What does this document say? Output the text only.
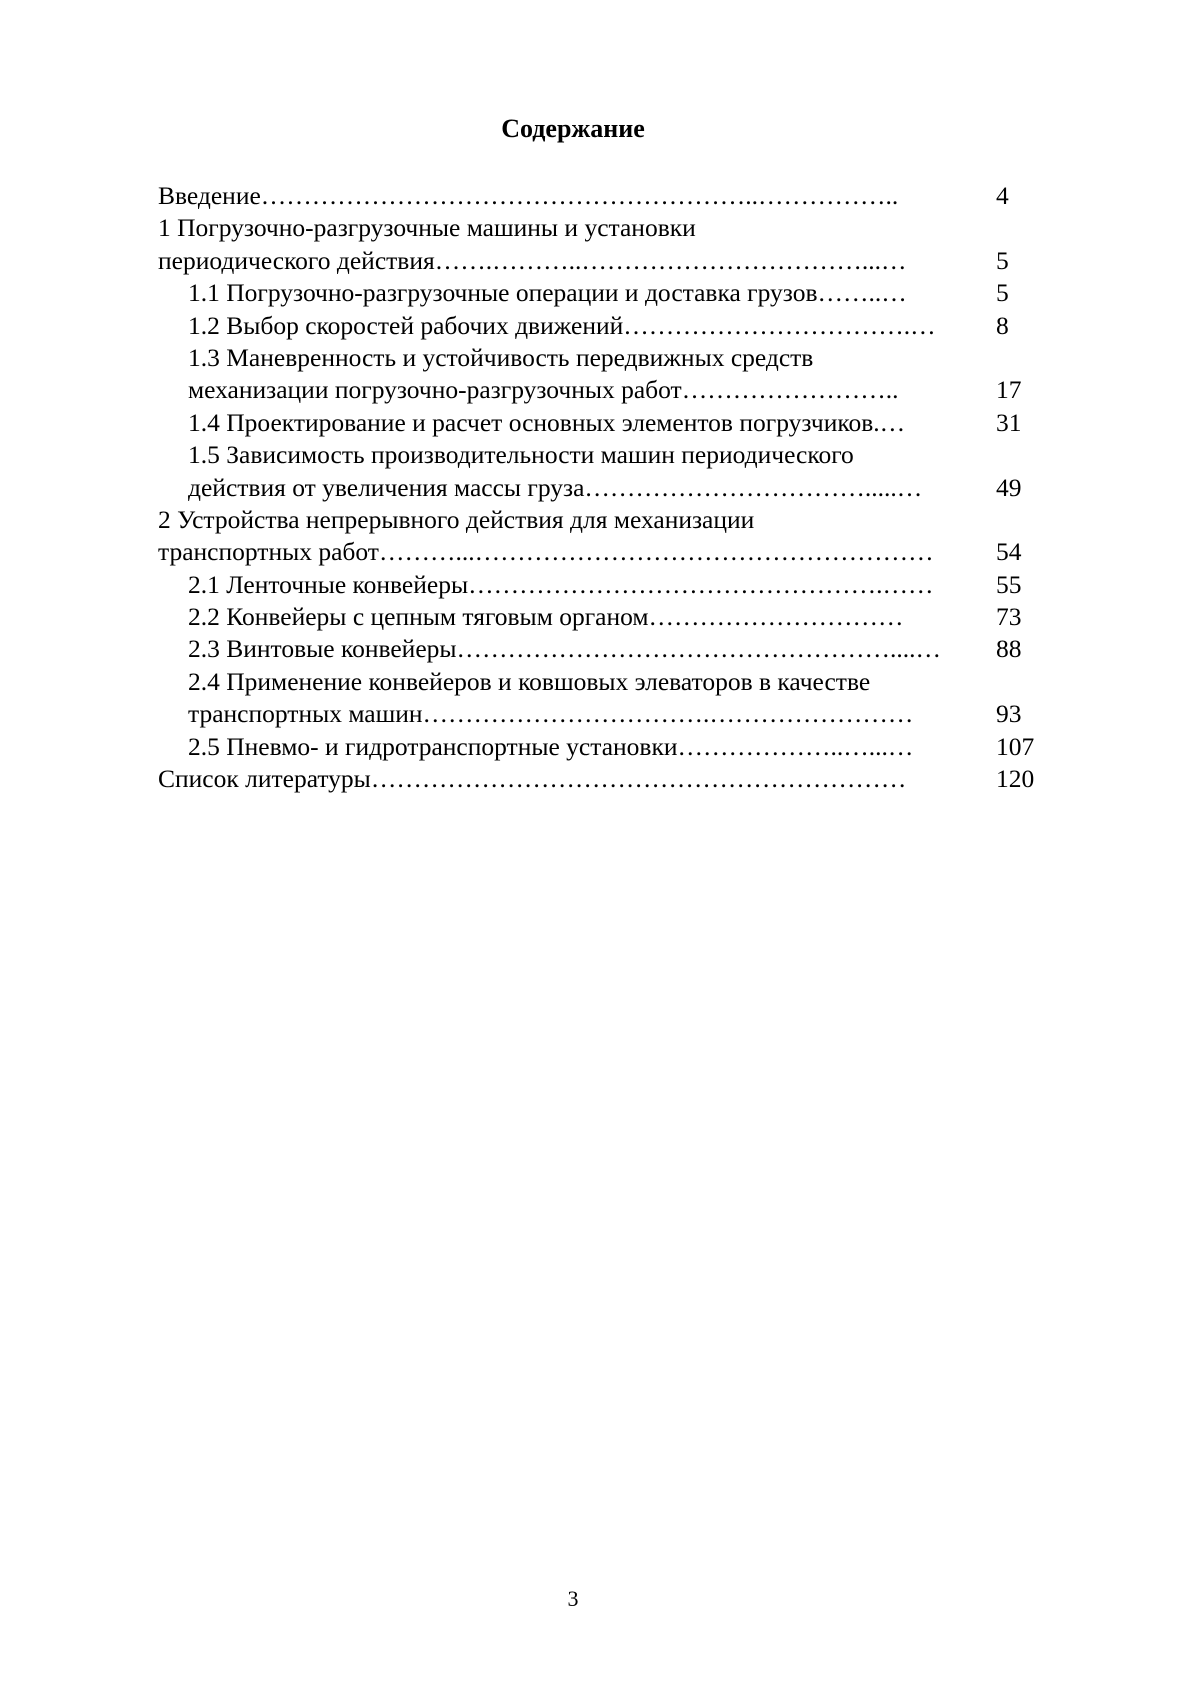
Содержание
Введение…………………………………………………..……………..	4
1 Погрузочно-разгрузочные машины и установки
периодического действия…….………..……………………………...…	5
1.1 Погрузочно-разгрузочные операции и доставка грузов……..…	5
1.2 Выбор скоростей рабочих движений…………………………….…	8
1.3 Маневренность и устойчивость передвижных средств
механизации погрузочно-разгрузочных работ……………………..	17
1.4 Проектирование и расчет основных элементов погрузчиков.…	31
1.5 Зависимость производительности машин периодического
действия от увеличения массы груза…………………………….....…	49
2 Устройства непрерывного действия для механизации
транспортных работ………...………………………………………………	54
2.1 Ленточные конвейеры………………………………………….……	55
2.2 Конвейеры с цепным тяговым органом…………………………	73
2.3 Винтовые конвейеры……………………………………………....…	88
2.4 Применение конвейеров и ковшовых элеваторов в качестве
транспортных машин…………………………….……………………	93
2.5 Пневмо- и гидротранспортные установки………………..…...…	107
Список литературы………………………………………………………	120
3
